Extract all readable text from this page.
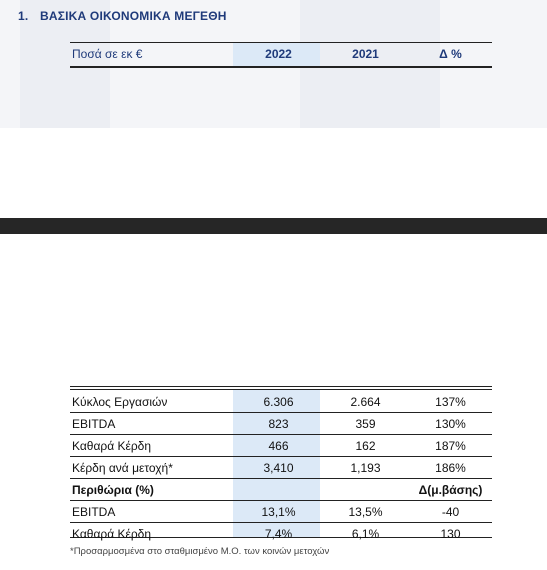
1. ΒΑΣΙΚΑ ΟΙΚΟΝΟΜΙΚΑ ΜΕΓΕΘΗ
Ποσά σε εκ €	2022	2021	Δ %
Κύκλος Εργασιών	6.306	2.664	137%
EBITDA	823	359	130%
Καθαρά Κέρδη	466	162	187%
Κέρδη ανά μετοχή*	3,410	1,193	186%
Περιθώρια (%)			Δ(μ.βάσης)
EBITDA	13,1%	13,5%	-40
Καθαρά Κέρδη	7,4%	6,1%	130
*Προσαρμοσμένα στο σταθμισμένο Μ.Ο. των κοινών μετοχών
